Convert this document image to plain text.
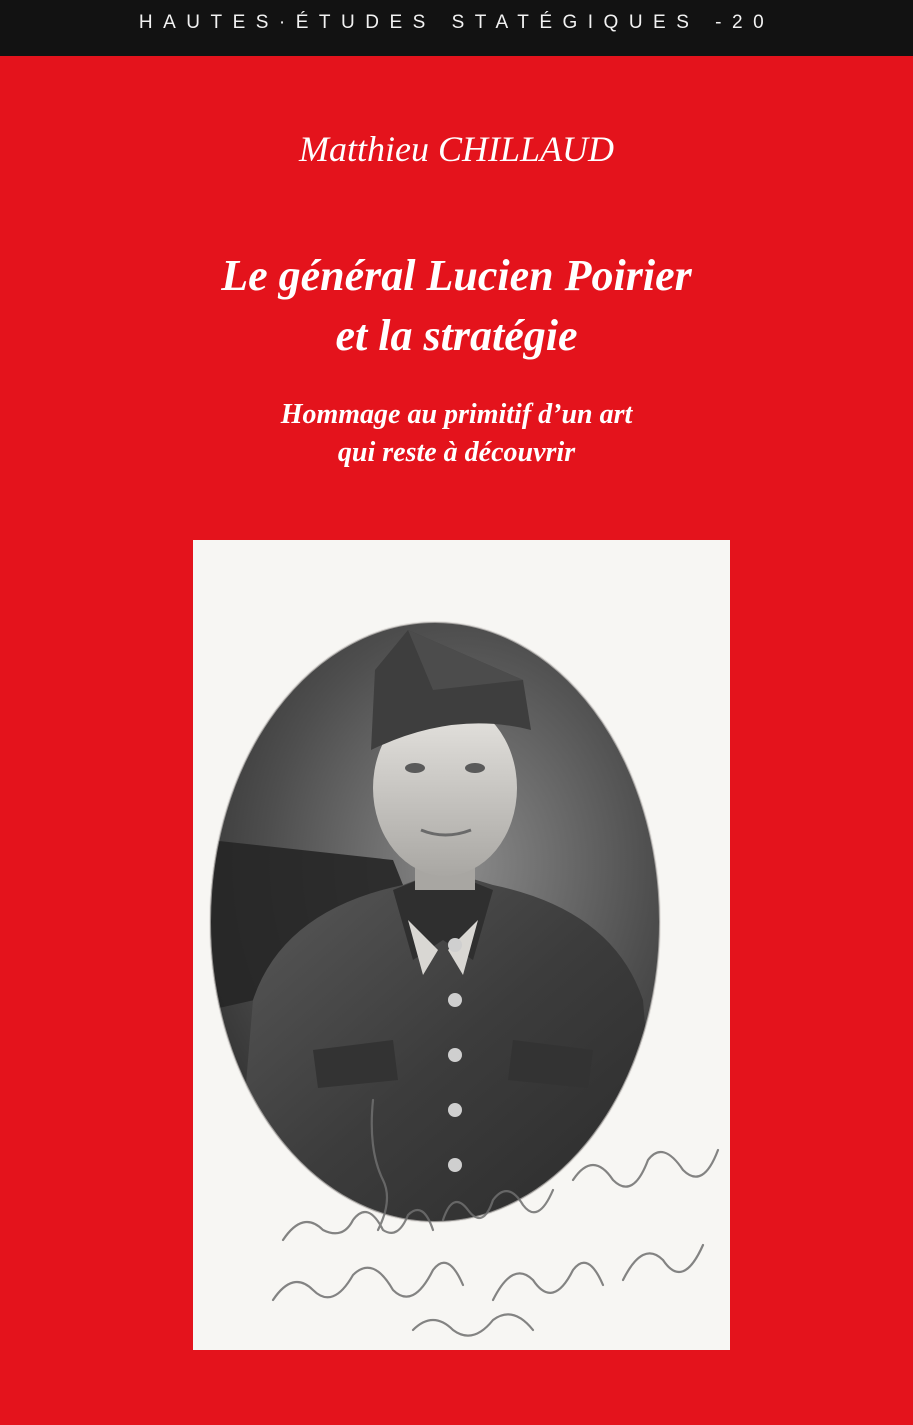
HAUTES·ÉTUDES STATÉGIQUES -20
Matthieu CHILLAUD
Le général Lucien Poirier
et la stratégie
Hommage au primitif d’un art
qui reste à découvrir
